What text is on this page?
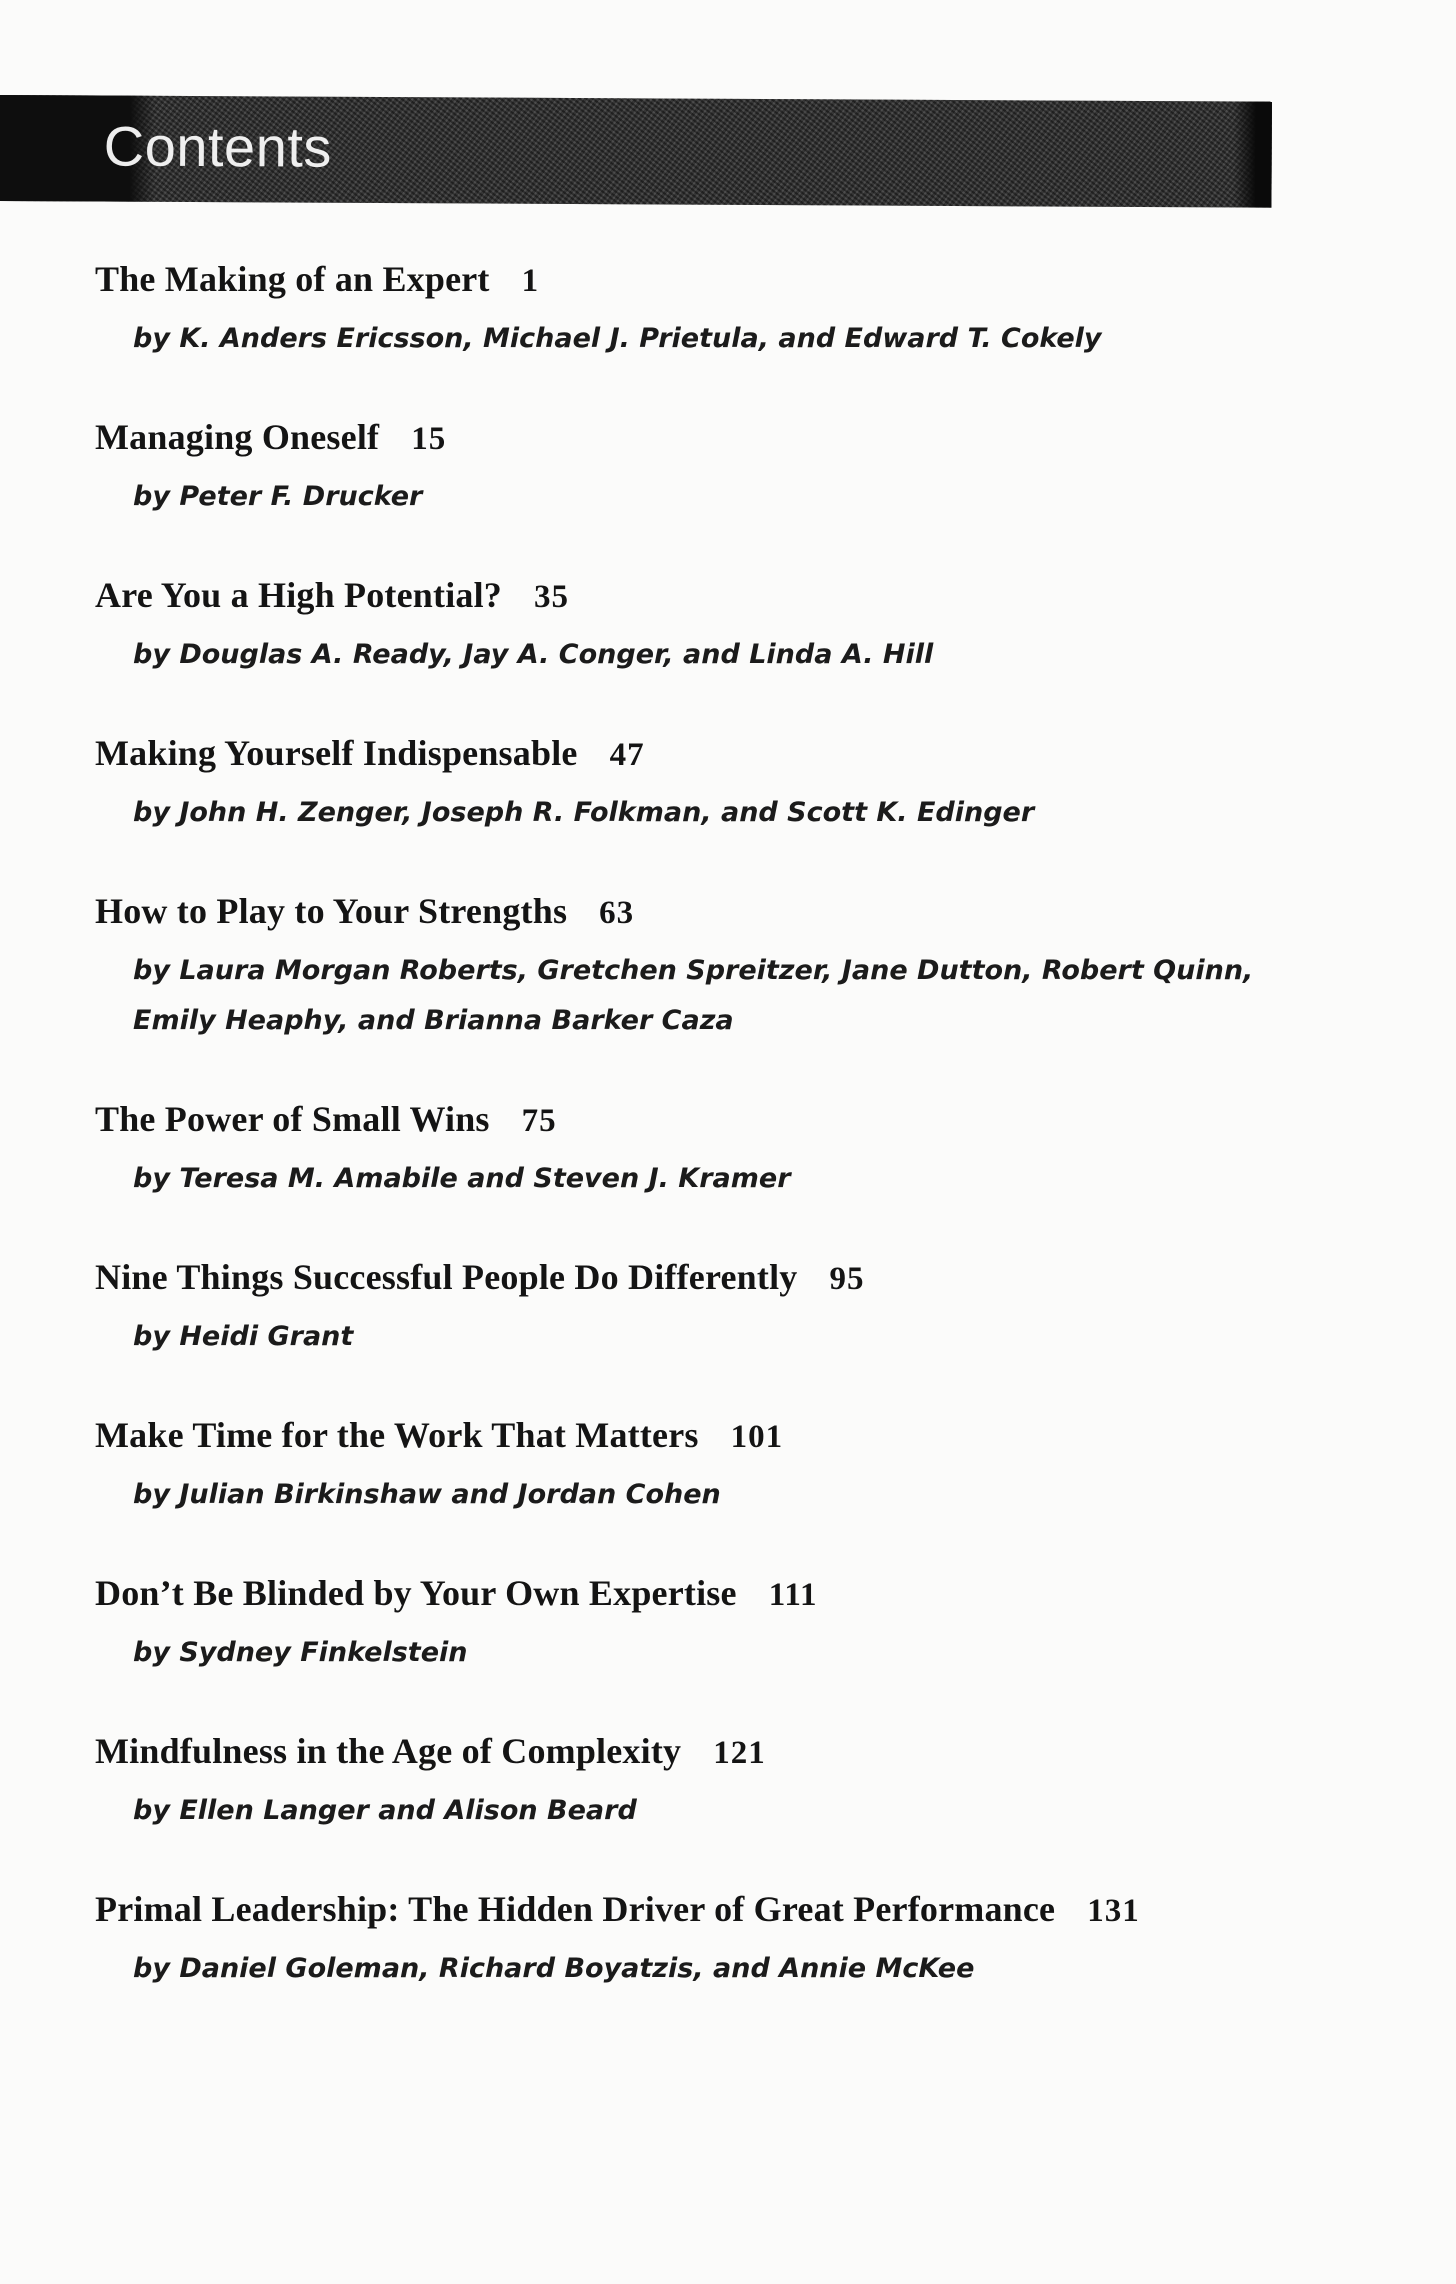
Contents
The Making of an Expert 1
by K. Anders Ericsson, Michael J. Prietula, and Edward T. Cokely
Managing Oneself 15
by Peter F. Drucker
Are You a High Potential? 35
by Douglas A. Ready, Jay A. Conger, and Linda A. Hill
Making Yourself Indispensable 47
by John H. Zenger, Joseph R. Folkman, and Scott K. Edinger
How to Play to Your Strengths 63
by Laura Morgan Roberts, Gretchen Spreitzer, Jane Dutton, Robert Quinn,
Emily Heaphy, and Brianna Barker Caza
The Power of Small Wins 75
by Teresa M. Amabile and Steven J. Kramer
Nine Things Successful People Do Differently 95
by Heidi Grant
Make Time for the Work That Matters 101
by Julian Birkinshaw and Jordan Cohen
Don’t Be Blinded by Your Own Expertise 111
by Sydney Finkelstein
Mindfulness in the Age of Complexity 121
by Ellen Langer and Alison Beard
Primal Leadership: The Hidden Driver of Great Performance 131
by Daniel Goleman, Richard Boyatzis, and Annie McKee
